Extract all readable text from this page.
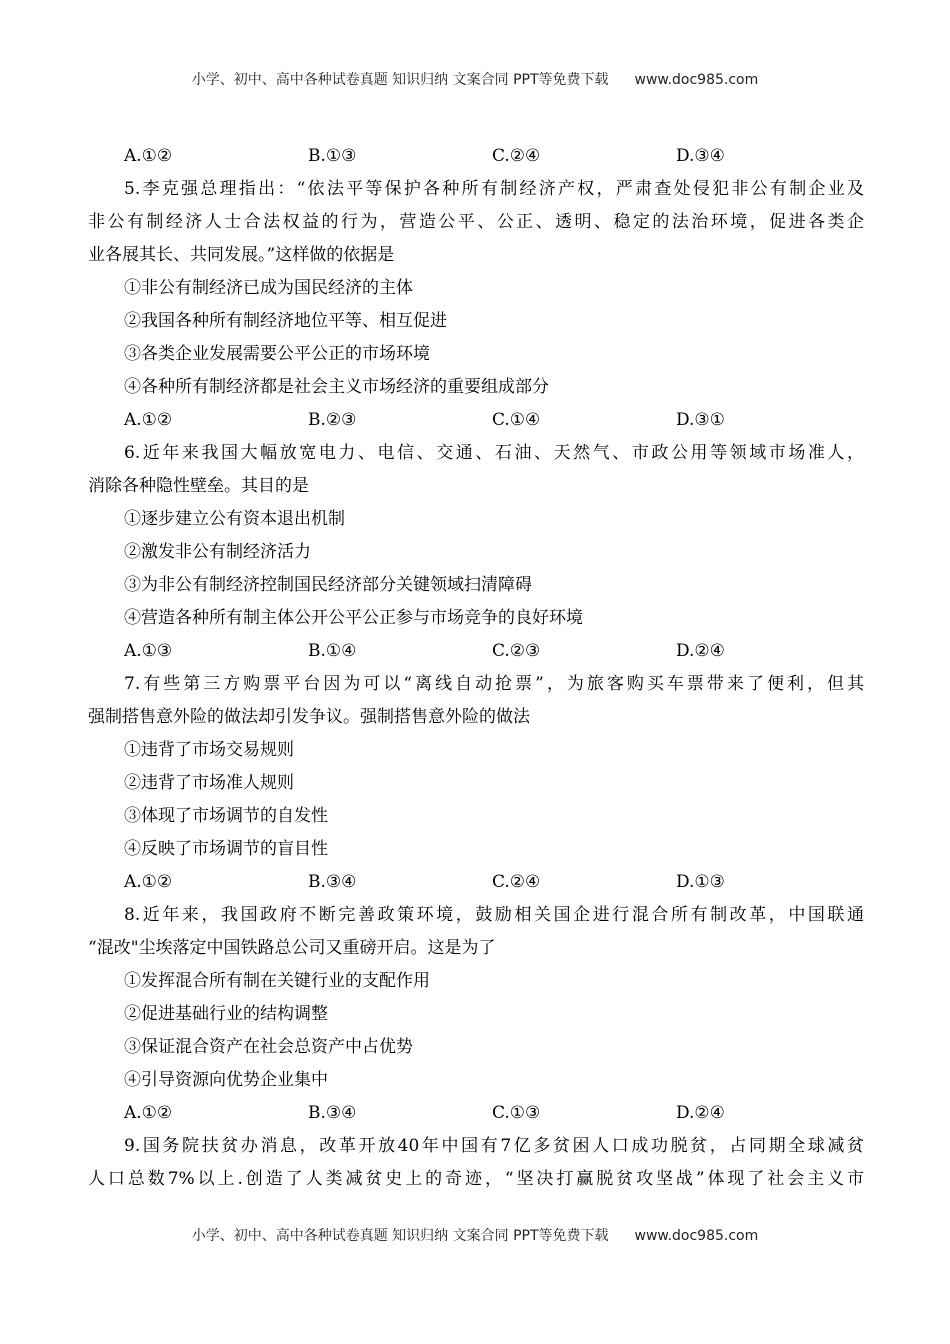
小学、初中、高中各种试卷真题 知识归纳 文案合同 PPT等免费下载 www.doc985.com
A.①②	B.①③	C.②④	D.③④
5.李克强总理指出：“依法平等保护各种所有制经济产权，严肃查处侵犯非公有制企业及
非公有制经济人士合法权益的行为，营造公平、公正、透明、稳定的法治环境，促进各类企
业各展其长、共同发展。”这样做的依据是
①非公有制经济已成为国民经济的主体
②我国各种所有制经济地位平等、相互促进
③各类企业发展需要公平公正的市场环境
④各种所有制经济都是社会主义市场经济的重要组成部分
A.①②	B.②③	C.①④	D.③①
6.近年来我国大幅放宽电力、电信、交通、石油、天然气、市政公用等领域市场准人，
消除各种隐性壁垒。其目的是
①逐步建立公有资本退出机制
②激发非公有制经济活力
③为非公有制经济控制国民经济部分关键领域扫清障碍
④营造各种所有制主体公开公平公正参与市场竞争的良好环境
A.①③	B.①④	C.②③	D.②④
7.有些第三方购票平台因为可以“离线自动抢票”，为旅客购买车票带来了便利，但其
强制搭售意外险的做法却引发争议。强制搭售意外险的做法
①违背了市场交易规则
②违背了市场准人规则
③体现了市场调节的自发性
④反映了市场调节的盲目性
A.①②	B.③④	C.②④	D.①③
8.近年来，我国政府不断完善政策环境，鼓励相关国企进行混合所有制改革，中国联通
“混改"尘埃落定中国铁路总公司又重磅开启。这是为了
①发挥混合所有制在关键行业的支配作用
②促进基础行业的结构调整
③保证混合资产在社会总资产中占优势
④引导资源向优势企业集中
A.①②	B.③④	C.①③	D.②④
9.国务院扶贫办消息，改革开放40年中国有7亿多贫困人口成功脱贫，占同期全球减贫
人口总数7%以上.创造了人类减贫史上的奇迹，“坚决打赢脱贫攻坚战”体现了社会主义市
小学、初中、高中各种试卷真题 知识归纳 文案合同 PPT等免费下载 www.doc985.com
